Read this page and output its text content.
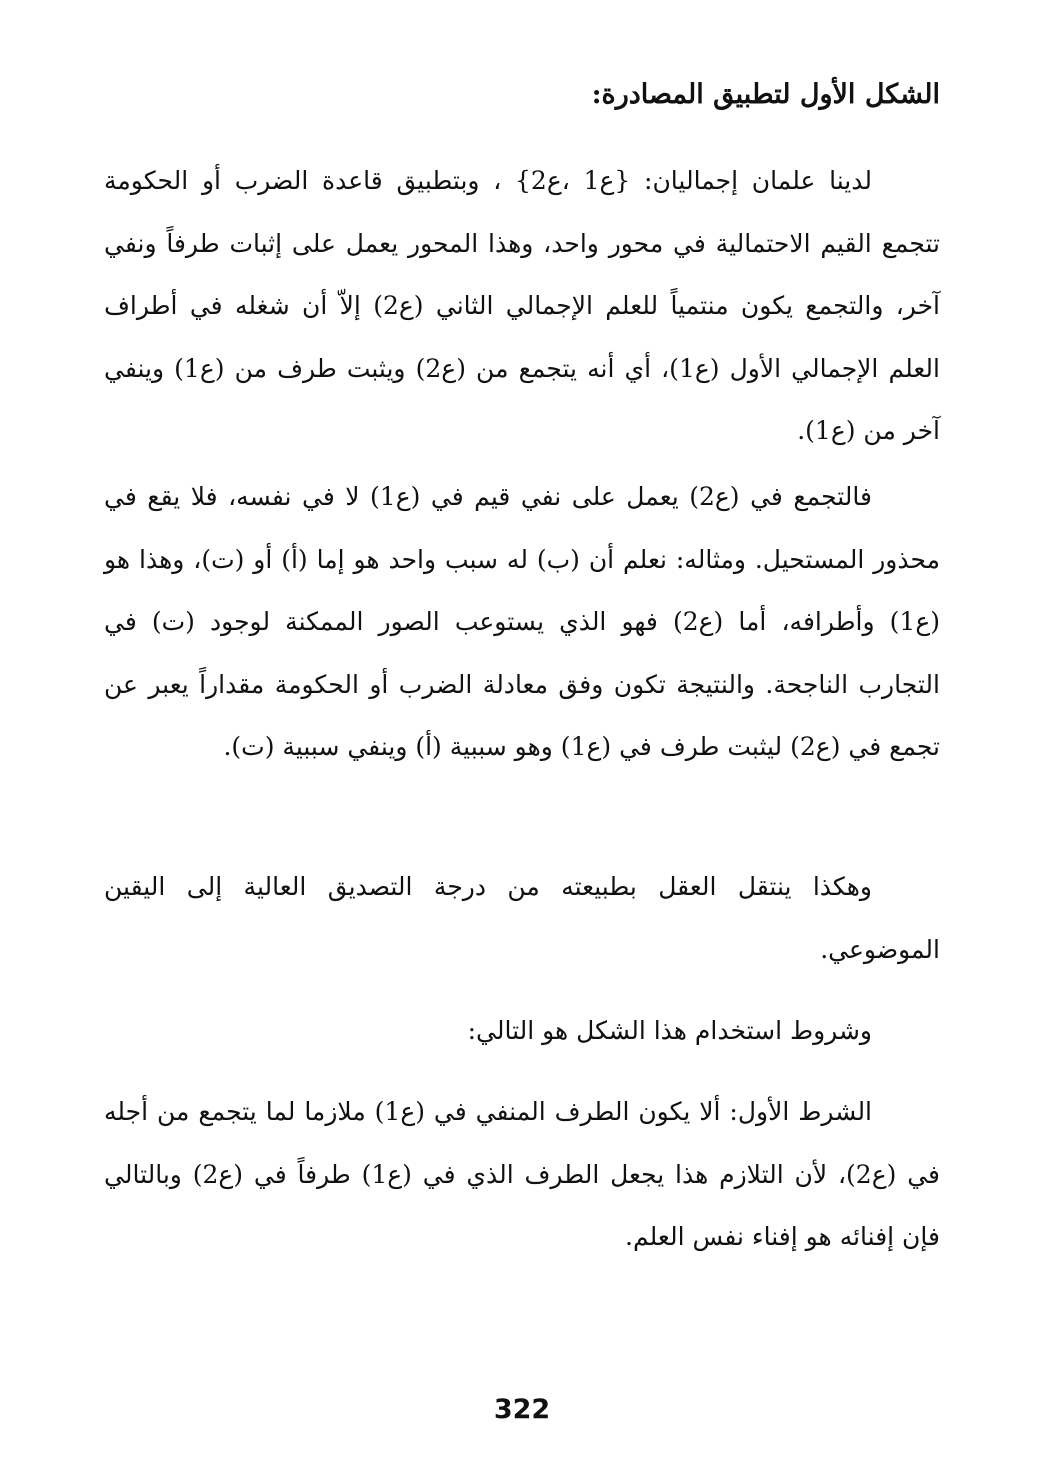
الشكل الأول لتطبيق المصادرة:

لدينا علمان إجماليان: {ع1 ،ع2} ، وبتطبيق قاعدة الضرب أو الحكومة تتجمع القيم الاحتمالية في محور واحد، وهذا المحور يعمل على إثبات طرفاً ونفي آخر، والتجمع يكون منتمياً للعلم الإجمالي الثاني (ع2) إلاّ أن شغله في أطراف العلم الإجمالي الأول (ع1)، أي أنه يتجمع من (ع2) ويثبت طرف من (ع1) وينفي آخر من (ع1).

فالتجمع في (ع2) يعمل على نفي قيم في (ع1) لا في نفسه، فلا يقع في محذور المستحيل. ومثاله: نعلم أن (ب) له سبب واحد هو إما (أ) أو (ت)، وهذا هو (ع1) وأطرافه، أما (ع2) فهو الذي يستوعب الصور الممكنة لوجود (ت) في التجارب الناجحة. والنتيجة تكون وفق معادلة الضرب أو الحكومة مقداراً يعبر عن تجمع في (ع2) ليثبت طرف في (ع1) وهو سببية (أ) وينفي سببية (ت).

وهكذا ينتقل العقل بطبيعته من درجة التصديق العالية إلى اليقين الموضوعي.

وشروط استخدام هذا الشكل هو التالي:

الشرط الأول: ألا يكون الطرف المنفي في (ع1) ملازما لما يتجمع من أجله في (ع2)، لأن التلازم هذا يجعل الطرف الذي في (ع1) طرفاً في (ع2) وبالتالي فإن إفنائه هو إفناء نفس العلم.

322
